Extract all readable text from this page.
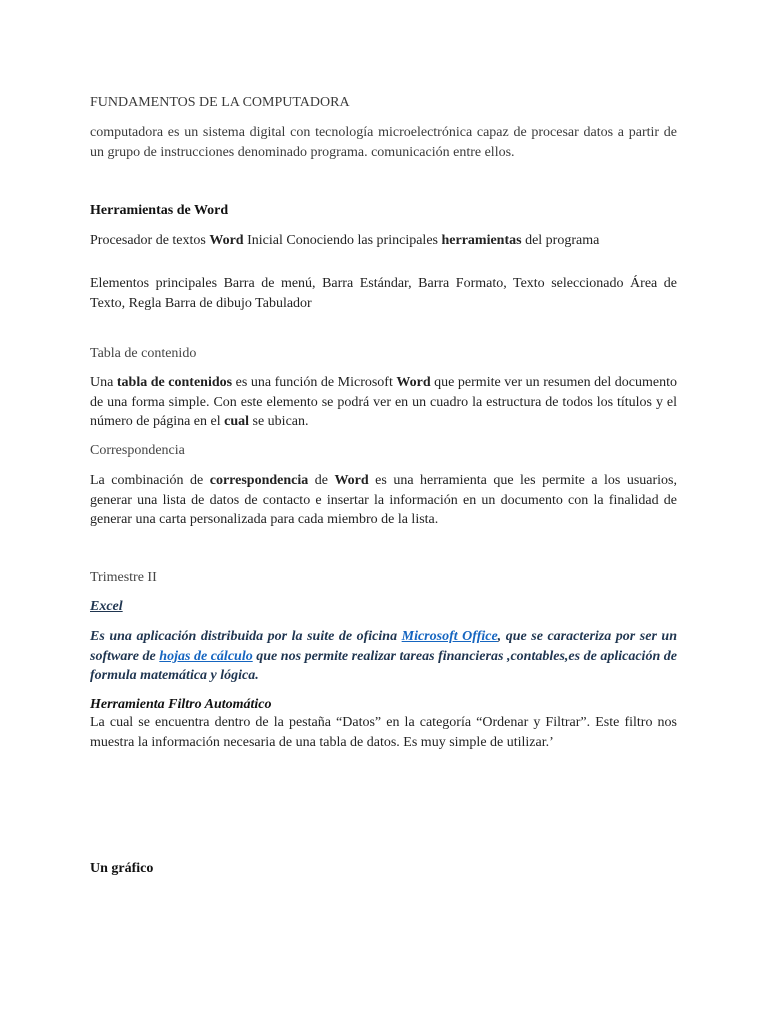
FUNDAMENTOS DE LA COMPUTADORA
computadora es un sistema digital con tecnología microelectrónica capaz de procesar datos a partir de un grupo de instrucciones denominado programa. comunicación entre ellos.
Herramientas de Word
Procesador de textos Word Inicial Conociendo las principales herramientas del programa
Elementos principales Barra de menú, Barra Estándar, Barra Formato, Texto seleccionado Área de Texto, Regla Barra de dibujo Tabulador
Tabla de contenido
Una tabla de contenidos es una función de Microsoft Word que permite ver un resumen del documento de una forma simple. Con este elemento se podrá ver en un cuadro la estructura de todos los títulos y el número de página en el cual se ubican.
Correspondencia
La combinación de correspondencia de Word es una herramienta que les permite a los usuarios, generar una lista de datos de contacto e insertar la información en un documento con la finalidad de generar una carta personalizada para cada miembro de la lista.
Trimestre II
Excel
Es una aplicación distribuida por la suite de oficina Microsoft Office, que se caracteriza por ser un software de hojas de cálculo que nos permite realizar tareas financieras ,contables,es de aplicación de formula matemática y lógica.
Herramienta Filtro Automático
La cual se encuentra dentro de la pestaña “Datos” en la categoría “Ordenar y Filtrar”. Este filtro nos muestra la información necesaria de una tabla de datos. Es muy simple de utilizar.’
Un gráfico
